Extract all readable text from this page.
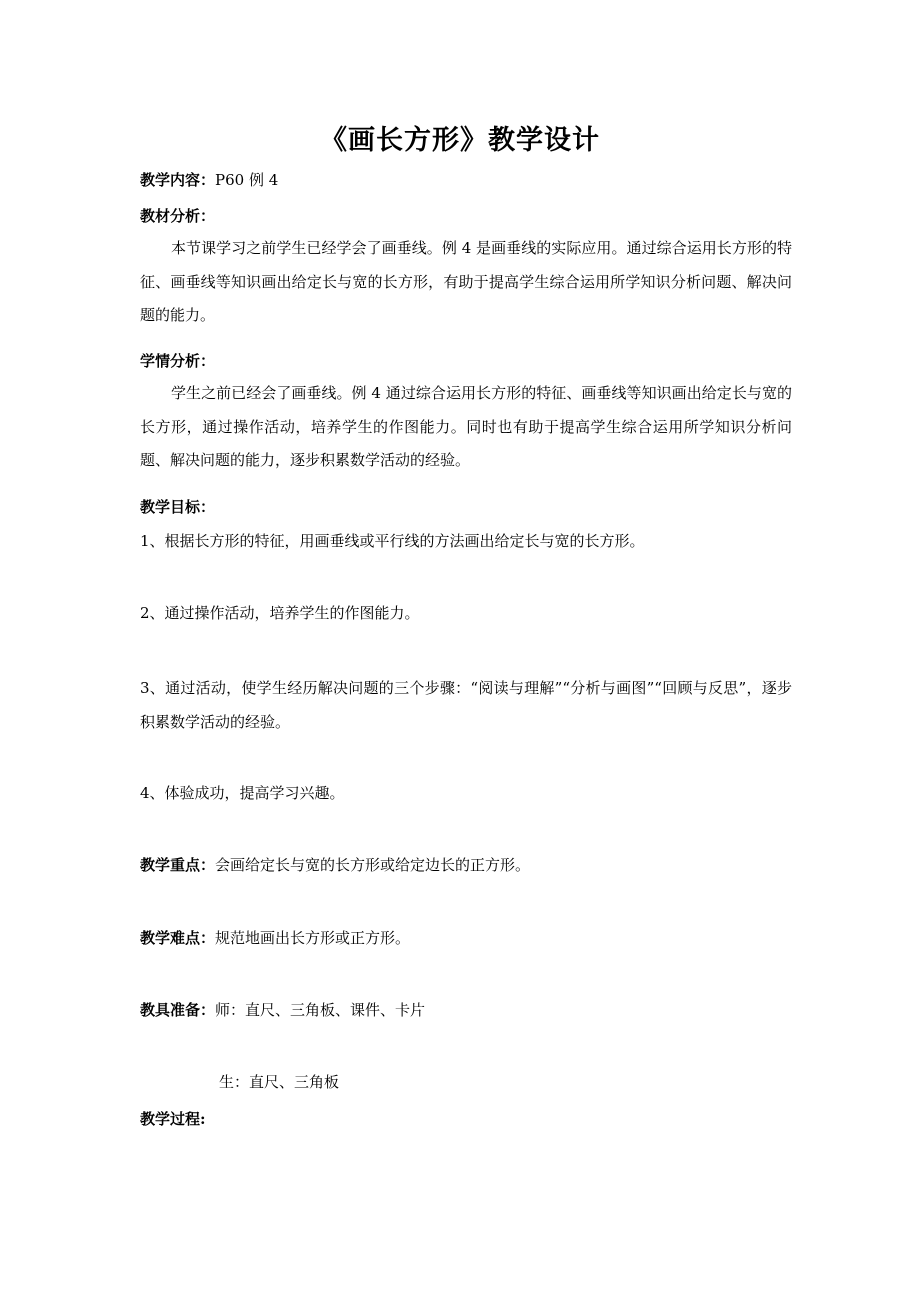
《画长方形》教学设计
教学内容：P60 例 4
教材分析：
本节课学习之前学生已经学会了画垂线。例 4 是画垂线的实际应用。通过综合运用长方形的特征、画垂线等知识画出给定长与宽的长方形，有助于提高学生综合运用所学知识分析问题、解决问题的能力。
学情分析：
学生之前已经会了画垂线。例 4 通过综合运用长方形的特征、画垂线等知识画出给定长与宽的长方形，通过操作活动，培养学生的作图能力。同时也有助于提高学生综合运用所学知识分析问题、解决问题的能力，逐步积累数学活动的经验。
教学目标：
1、根据长方形的特征，用画垂线或平行线的方法画出给定长与宽的长方形。
2、通过操作活动，培养学生的作图能力。
3、通过活动，使学生经历解决问题的三个步骤：“阅读与理解”“分析与画图”“回顾与反思”，逐步积累数学活动的经验。
4、体验成功，提高学习兴趣。
教学重点：会画给定长与宽的长方形或给定边长的正方形。
教学难点：规范地画出长方形或正方形。
教具准备：师：直尺、三角板、课件、卡片
生：直尺、三角板
教学过程:
